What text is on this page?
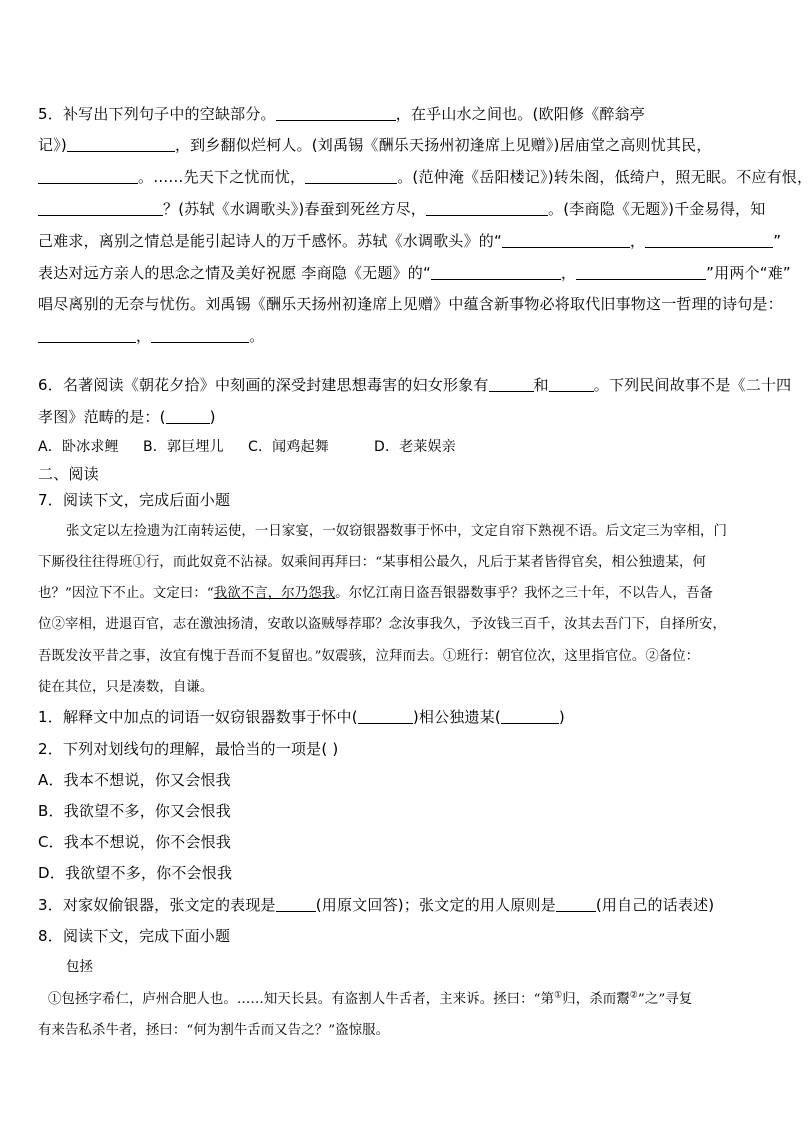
5．补写出下列句子中的空缺部分。	，在乎山水之间也。(欧阳修《醉翁亭
记》)	，到乡翻似烂柯人。(刘禹锡《酬乐天扬州初逢席上见赠》)居庙堂之高则忧其民，
。……先天下之忧而忧，	。(范仲淹《岳阳楼记》)转朱阁，低绮户，照无眠。不应有恨，
？(苏轼《水调歌头》)春蚕到死丝方尽，	。(李商隐《无题》)千金易得，知
己难求，离别之情总是能引起诗人的万千感怀。苏轼《水调歌头》的“	，	”
表达对远方亲人的思念之情及美好祝愿 李商隐《无题》的“	，	”用两个“难”
唱尽离别的无奈与忧伤。刘禹锡《酬乐天扬州初逢席上见赠》中蕴含新事物必将取代旧事物这一哲理的诗句是：
，	。
6．名著阅读《朝花夕拾》中刻画的深受封建思想毒害的妇女形象有	和	。下列民间故事不是《二十四
孝图》范畴的是：(	)
A．卧冰求鲤 B．郭巨埋儿 C．闻鸡起舞	D．老莱娱亲
二、阅读
7．阅读下文，完成后面小题
张文定以左捡遗为江南转运使，一日家宴，一奴窃银器数事于怀中，文定自帘下熟视不语。后文定三为宰相，门
下厮役往往得班①行，而此奴竟不沾禄。奴乘间再拜曰：“某事相公最久，凡后于某者皆得官矣，相公独遗某，何
也？”因泣下不止。文定曰：“我欲不言，尔乃怨我。尔忆江南日盗吾银器数事乎？我怀之三十年，不以告人，吾备
位②宰相，进退百官，志在激浊扬清，安敢以盗贼辱荐耶？念汝事我久，予汝钱三百千，汝其去吾门下，自择所安，
吾既发汝平昔之事，汝宜有愧于吾而不复留也。”奴震骇，泣拜而去。①班行：朝官位次，这里指官位。②备位：
徒在其位，只是凑数，自谦。
1．解释文中加点的词语一奴窃银器数事于怀中(	)相公独遗某(	)
2．下列对划线句的理解，最恰当的一项是( )
A．我本不想说，你又会恨我
B．我欲望不多，你又会恨我
C．我本不想说，你不会恨我
D．我欲望不多，你不会恨我
3．对家奴偷银器，张文定的表现是	(用原文回答)；张文定的用人原则是	(用自己的话表述)
8．阅读下文，完成下面小题
包拯
①包拯字希仁，庐州合肥人也。……知天长县。有盗割人牛舌者，主来诉。拯曰：“第①归，杀而鬻②”之”寻复
有来告私杀牛者，拯曰：“何为割牛舌而又告之？”盗惊服。
